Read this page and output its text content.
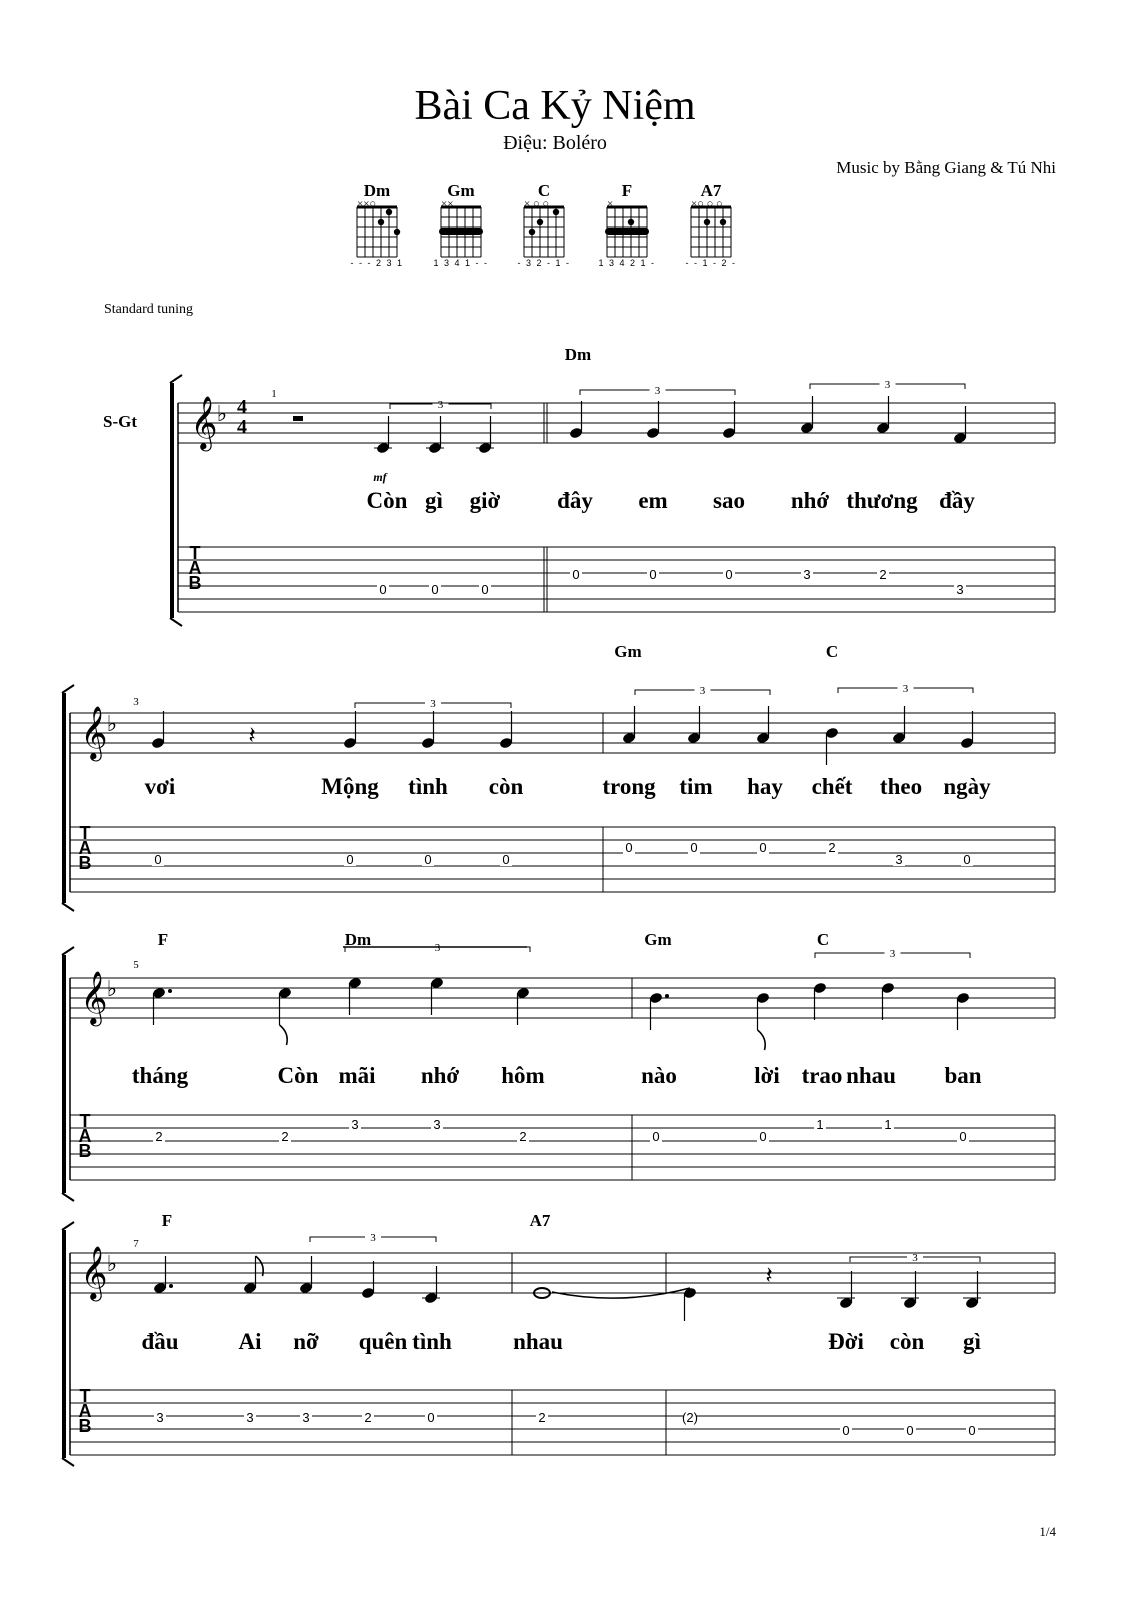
Bài Ca Kỷ Niệm
Điệu: Boléro
Music by Bằng Giang & Tú Nhi
Standard tuning
1/4
Dm
××○
- - - 2 3 1
Gm
××
1 3 4 1 - -
C
× ○ ○
- 3 2 - 1 -
F
×
1 3 4 2 1 -
A7
×○ ○ ○
- - 1 - 2 -
𝄞 ♭
T
A
B
1
Dm
3
3	3
Còn gì giờ đây em sao nhớ thương đầy
0	0	0
0	0	0	3	2
3
𝄞 ♭
T
A
B
3
Gm	C
3
3	3
𝄽
vơi	Mộng tình còn	trong tim hay chết theo ngày
0	0	0	0
0	0	0	2
3	0
𝄞 ♭
T
A
B
5
F	Dm	Gm	C
3	3
tháng	Còn mãi nhớ hôm	nào	lời trao nhau ban
2	2
3	3
2	0	0
1	1
0
𝄞 ♭
T
A
B
7
F	A7
3
3
𝄽
đầu	Ai nỡ quên tình	nhau	Đời còn gì
3	3	3	2	0	2	(2)
0	0	0
S-Gt
4
4
mf
